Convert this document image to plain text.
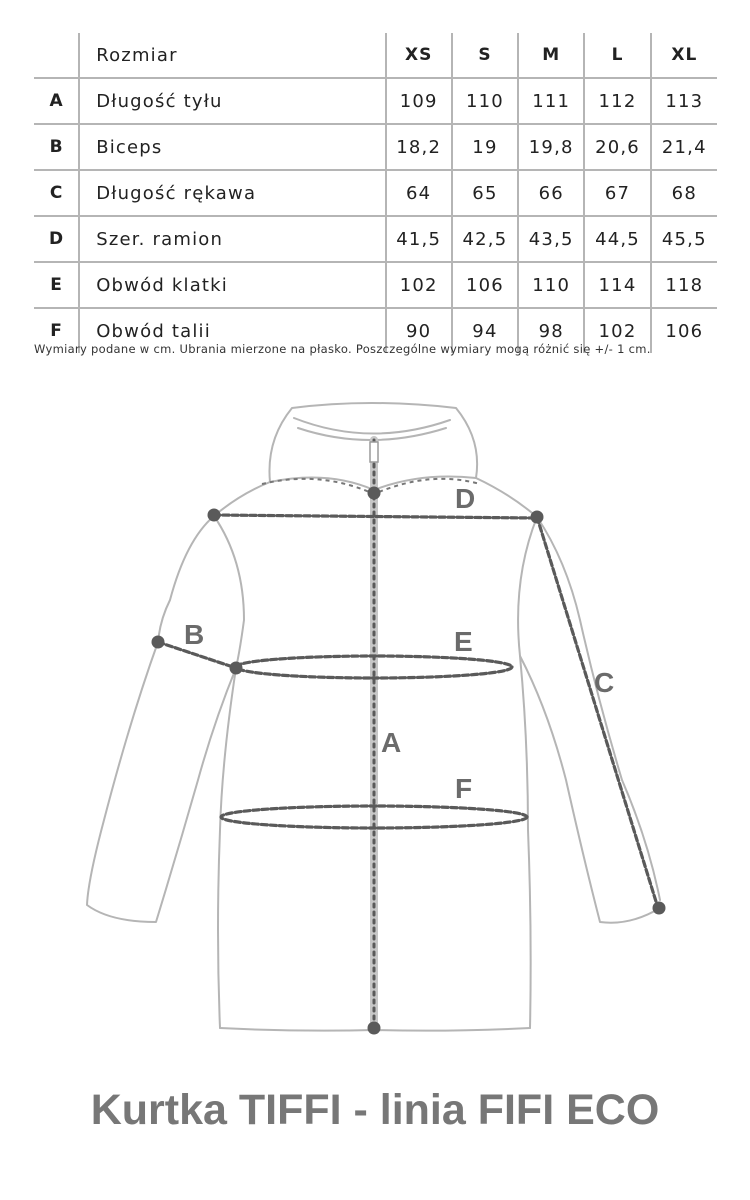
	Rozmiar	XS	S	M	L	XL
A	Długość tyłu	109	110	111	112	113
B	Biceps	18,2	19	19,8	20,6	21,4
C	Długość rękawa	64	65	66	67	68
D	Szer. ramion	41,5	42,5	43,5	44,5	45,5
E	Obwód klatki	102	106	110	114	118
F	Obwód talii	90	94	98	102	106
Wymiary podane w cm. Ubrania mierzone na płasko. Poszczególne wymiary mogą różnić się +/- 1 cm.
D
B	E
C
A
F
Kurtka TIFFI - linia FIFI ECO
